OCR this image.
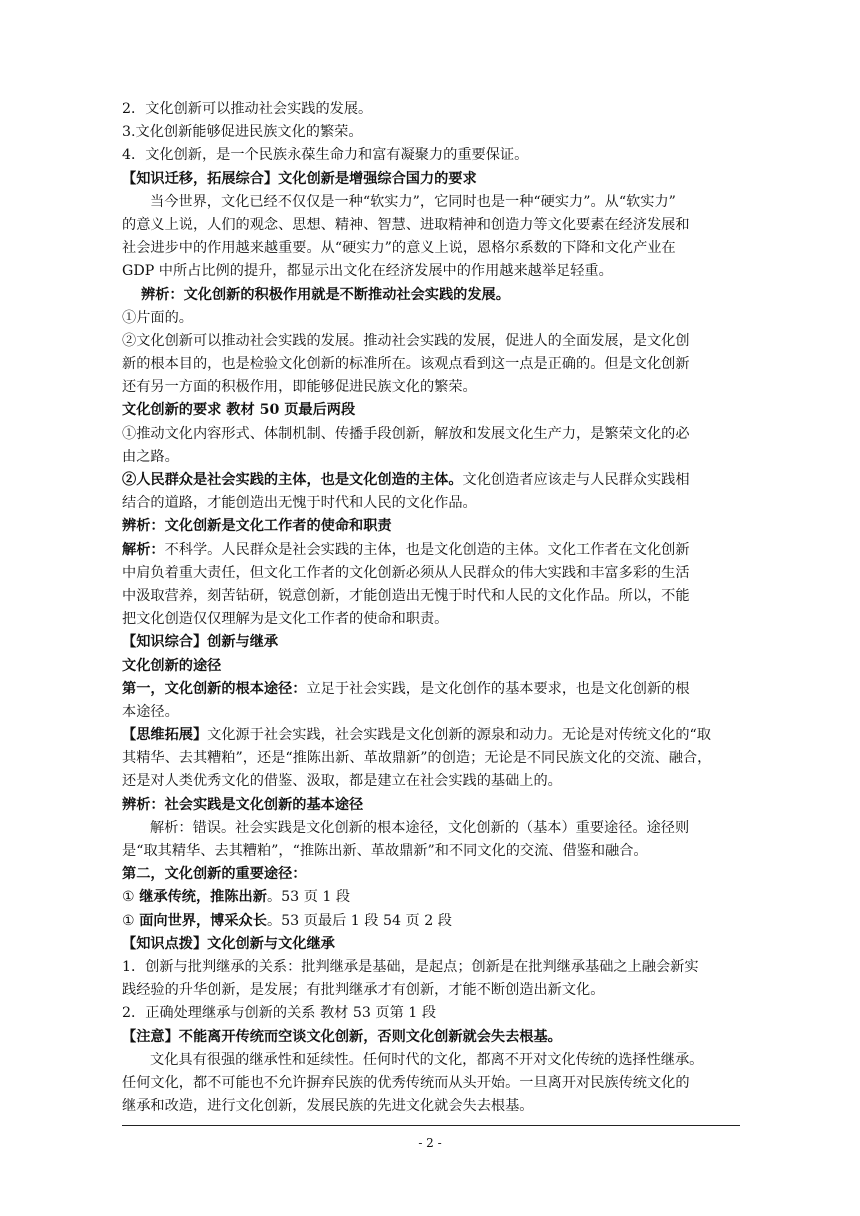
2．文化创新可以推动社会实践的发展。
3.文化创新能够促进民族文化的繁荣。
4．文化创新，是一个民族永葆生命力和富有凝聚力的重要保证。
【知识迁移，拓展综合】文化创新是增强综合国力的要求
当今世界，文化已经不仅仅是一种“软实力”，它同时也是一种“硬实力”。从“软实力”
的意义上说，人们的观念、思想、精神、智慧、进取精神和创造力等文化要素在经济发展和
社会进步中的作用越来越重要。从“硬实力”的意义上说，恩格尔系数的下降和文化产业在
GDP 中所占比例的提升，都显示出文化在经济发展中的作用越来越举足轻重。
辨析：文化创新的积极作用就是不断推动社会实践的发展。
①片面的。
②文化创新可以推动社会实践的发展。推动社会实践的发展，促进人的全面发展，是文化创
新的根本目的，也是检验文化创新的标准所在。该观点看到这一点是正确的。但是文化创新
还有另一方面的积极作用，即能够促进民族文化的繁荣。
文化创新的要求 教材 50 页最后两段
①推动文化内容形式、体制机制、传播手段创新，解放和发展文化生产力，是繁荣文化的必
由之路。
②人民群众是社会实践的主体，也是文化创造的主体。文化创造者应该走与人民群众实践相
结合的道路，才能创造出无愧于时代和人民的文化作品。
辨析：文化创新是文化工作者的使命和职责
解析：不科学。人民群众是社会实践的主体，也是文化创造的主体。文化工作者在文化创新
中肩负着重大责任，但文化工作者的文化创新必须从人民群众的伟大实践和丰富多彩的生活
中汲取营养，刻苦钻研，锐意创新，才能创造出无愧于时代和人民的文化作品。所以，不能
把文化创造仅仅理解为是文化工作者的使命和职责。
【知识综合】创新与继承
文化创新的途径
第一，文化创新的根本途径：立足于社会实践，是文化创作的基本要求，也是文化创新的根
本途径。
【思维拓展】文化源于社会实践，社会实践是文化创新的源泉和动力。无论是对传统文化的“取
其精华、去其糟粕”，还是“推陈出新、革故鼎新”的创造；无论是不同民族文化的交流、融合，
还是对人类优秀文化的借鉴、汲取，都是建立在社会实践的基础上的。
辨析：社会实践是文化创新的基本途径
解析：错误。社会实践是文化创新的根本途径，文化创新的（基本）重要途径。途径则
是“取其精华、去其糟粕”，“推陈出新、革故鼎新”和不同文化的交流、借鉴和融合。
第二，文化创新的重要途径：
① 继承传统，推陈出新。53 页 1 段
① 面向世界，博采众长。53 页最后 1 段 54 页 2 段
【知识点拨】文化创新与文化继承
1．创新与批判继承的关系：批判继承是基础，是起点；创新是在批判继承基础之上融会新实
践经验的升华创新，是发展；有批判继承才有创新，才能不断创造出新文化。
2．正确处理继承与创新的关系 教材 53 页第 1 段
【注意】不能离开传统而空谈文化创新，否则文化创新就会失去根基。
文化具有很强的继承性和延续性。任何时代的文化，都离不开对文化传统的选择性继承。
任何文化，都不可能也不允许摒弃民族的优秀传统而从头开始。一旦离开对民族传统文化的
继承和改造，进行文化创新，发展民族的先进文化就会失去根基。
- 2 -
